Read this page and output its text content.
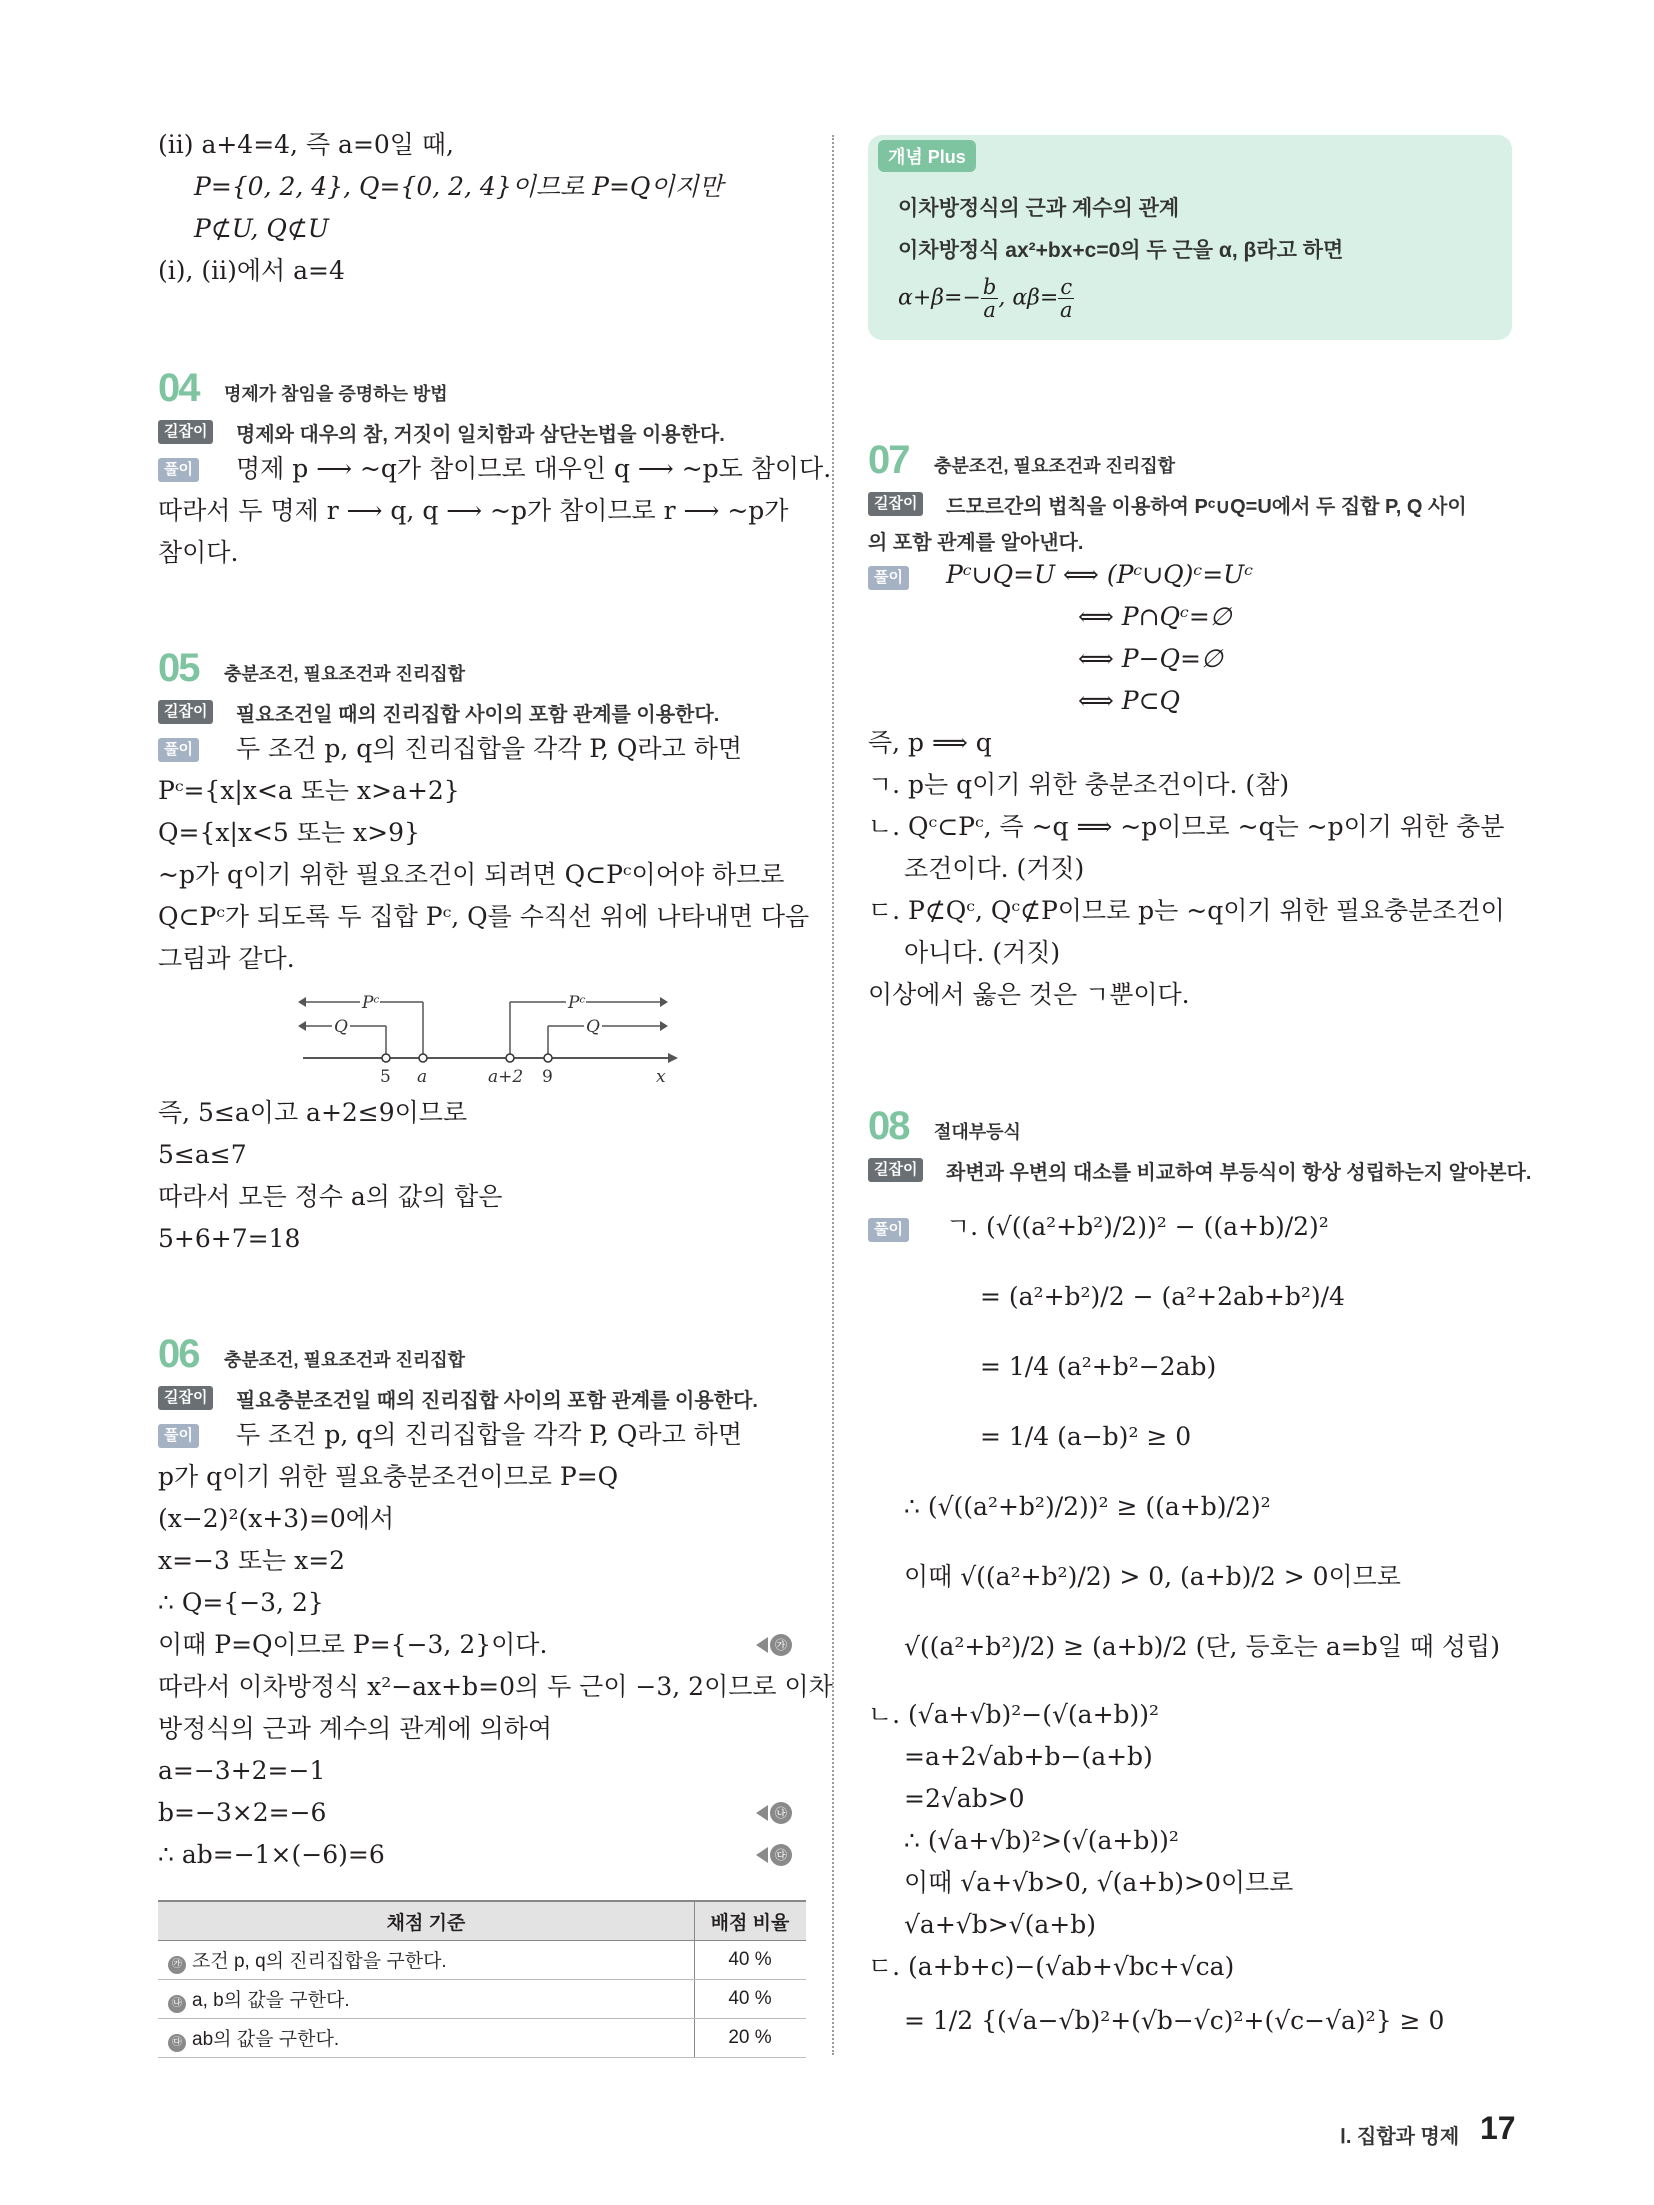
(ⅱ) a+4=4, 즉 a=0일 때,
P={0, 2, 4}, Q={0, 2, 4}이므로 P=Q이지만
P⊄U, Q⊄U
(ⅰ), (ⅱ)에서 a=4
04 명제가 참임을 증명하는 방법
길잡이	명제와 대우의 참, 거짓이 일치함과 삼단논법을 이용한다.
풀이 명제 p ⟶ ~q가 참이므로 대우인 q ⟶ ~p도 참이다.
따라서 두 명제 r ⟶ q, q ⟶ ~p가 참이므로 r ⟶ ~p가
참이다.
05 충분조건, 필요조건과 진리집합
길잡이	필요조건일 때의 진리집합 사이의 포함 관계를 이용한다.
풀이 두 조건 p, q의 진리집합을 각각 P, Q라고 하면
Pᶜ={x|x<a 또는 x>a+2}
Q={x|x<5 또는 x>9}
~p가 q이기 위한 필요조건이 되려면 Q⊂Pᶜ이어야 하므로
Q⊂Pᶜ가 되도록 두 집합 Pᶜ, Q를 수직선 위에 나타내면 다음
그림과 같다.
Pᶜ
Q
Pᶜ
Q
5 a	a+2 9	x
즉, 5≤a이고 a+2≤9이므로
5≤a≤7
따라서 모든 정수 a의 값의 합은
5+6+7=18
06 충분조건, 필요조건과 진리집합
길잡이	필요충분조건일 때의 진리집합 사이의 포함 관계를 이용한다.
풀이 두 조건 p, q의 진리집합을 각각 P, Q라고 하면
p가 q이기 위한 필요충분조건이므로 P=Q
(x−2)²(x+3)=0에서
x=−3 또는 x=2
∴ Q={−3, 2}
이때 P=Q이므로 P={−3, 2}이다.
따라서 이차방정식 x²−ax+b=0의 두 근이 −3, 2이므로 이차
방정식의 근과 계수의 관계에 의하여
a=−3+2=−1
b=−3×2=−6
∴ ab=−1×(−6)=6
㉮
㉯
㉰
채점 기준	배점 비율
㉮ 조건 p, q의 진리집합을 구한다.	40 %
㉯ a, b의 값을 구한다.	40 %
㉰ ab의 값을 구한다.	20 %
개념 Plus
이차방정식의 근과 계수의 관계
이차방정식 ax²+bx+c=0의 두 근을 α, β라고 하면
$\alpha+\beta=- \frac{b}{a}$ , $\alpha\beta= \frac{c}{a}$
07 충분조건, 필요조건과 진리집합
길잡이	드모르간의 법칙을 이용하여 Pᶜ∪Q=U에서 두 집합 P, Q 사이
의 포함 관계를 알아낸다.
풀이 Pᶜ∪Q=U ⟺ (Pᶜ∪Q)ᶜ=Uᶜ
⟺ P∩Qᶜ=∅
⟺ P−Q=∅
⟺ P⊂Q
즉, p ⟹ q
ㄱ. p는 q이기 위한 충분조건이다. (참)
ㄴ. Qᶜ⊂Pᶜ, 즉 ~q ⟹ ~p이므로 ~q는 ~p이기 위한 충분
조건이다. (거짓)
ㄷ. P⊄Qᶜ, Qᶜ⊄P이므로 p는 ~q이기 위한 필요충분조건이
아니다. (거짓)
이상에서 옳은 것은 ㄱ뿐이다.
08 절대부등식
길잡이	좌변과 우변의 대소를 비교하여 부등식이 항상 성립하는지 알아본다.
풀이 ㄱ. (√((a²+b²)/2))² − ((a+b)/2)²
= (a²+b²)/2 − (a²+2ab+b²)/4
= 1/4 (a²+b²−2ab)
= 1/4 (a−b)² ≥ 0
∴ (√((a²+b²)/2))² ≥ ((a+b)/2)²
이때 √((a²+b²)/2) > 0, (a+b)/2 > 0이므로
√((a²+b²)/2) ≥ (a+b)/2 (단, 등호는 a=b일 때 성립)
ㄴ. (√a+√b)²−(√(a+b))²
=a+2√ab+b−(a+b)
=2√ab>0
∴ (√a+√b)²>(√(a+b))²
이때 √a+√b>0, √(a+b)>0이므로
√a+√b>√(a+b)
ㄷ. (a+b+c)−(√ab+√bc+√ca)
= 1/2 {(√a−√b)²+(√b−√c)²+(√c−√a)²} ≥ 0
Ⅰ. 집합과 명제 17
